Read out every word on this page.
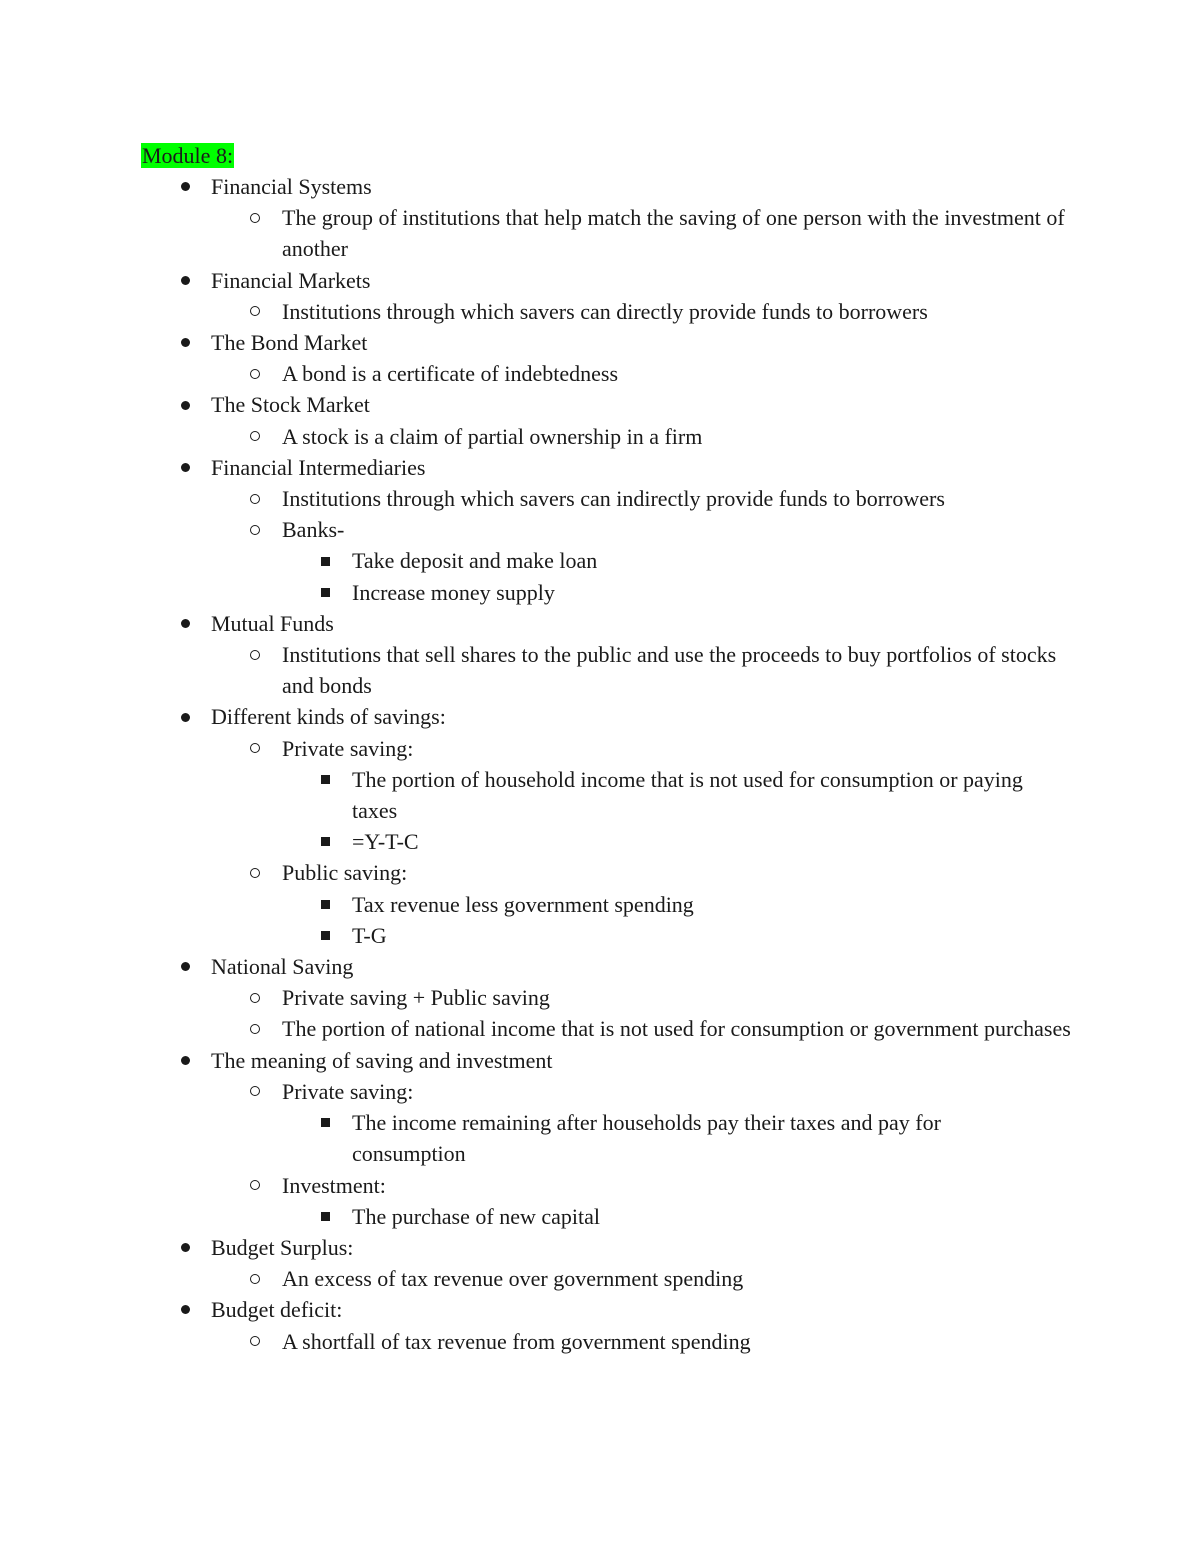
Module 8:
Financial Systems
The group of institutions that help match the saving of one person with the investment of another
Financial Markets
Institutions through which savers can directly provide funds to borrowers
The Bond Market
A bond is a certificate of indebtedness
The Stock Market
A stock is a claim of partial ownership in a firm
Financial Intermediaries
Institutions through which savers can indirectly provide funds to borrowers
Banks-
Take deposit and make loan
Increase money supply
Mutual Funds
Institutions that sell shares to the public and use the proceeds to buy portfolios of stocks and bonds
Different kinds of savings:
Private saving:
The portion of household income that is not used for consumption or paying taxes
=Y-T-C
Public saving:
Tax revenue less government spending
T-G
National Saving
Private saving + Public saving
The portion of national income that is not used for consumption or government purchases
The meaning of saving and investment
Private saving:
The income remaining after households pay their taxes and pay for consumption
Investment:
The purchase of new capital
Budget Surplus:
An excess of tax revenue over government spending
Budget deficit:
A shortfall of tax revenue from government spending
